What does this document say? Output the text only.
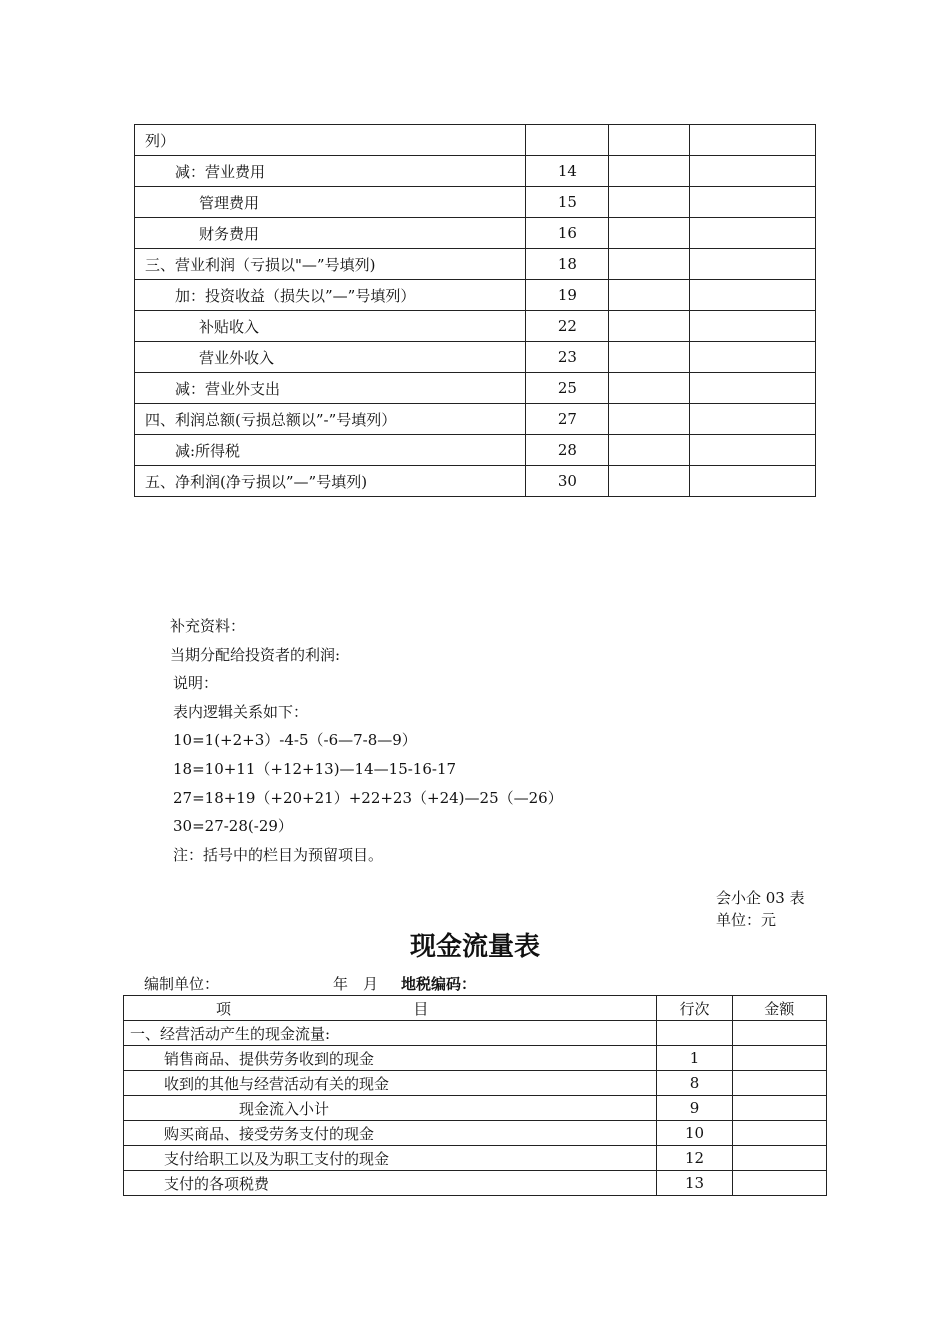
列）			
减：营业费用	14		
管理费用	15		
财务费用	16		
三、营业利润（亏损以"—”号填列)	18		
加：投资收益（损失以”—”号填列）	19		
补贴收入	22		
营业外收入	23		
减：营业外支出	25		
四、利润总额(亏损总额以”-”号填列）	27		
减:所得税	28		
五、净利润(净亏损以”—”号填列)	30		
补充资料：
当期分配给投资者的利润:
说明：
表内逻辑关系如下：
10=1(+2+3）-4-5（-6—7-8—9）
18=10+11（+12+13)—14—15-16-17
27=18+19（+20+21）+22+23（+24)—25（—26）
30=27-28(-29）
注：括号中的栏目为预留项目。
会小企 03 表
单位：元
现金流量表
编制单位：	年 月 地税编码：
项 目	行次	金额
一、经营活动产生的现金流量:		
销售商品、提供劳务收到的现金	1	
收到的其他与经营活动有关的现金	8	
现金流入小计	9	
购买商品、接受劳务支付的现金	10	
支付给职工以及为职工支付的现金	12	
支付的各项税费	13	
